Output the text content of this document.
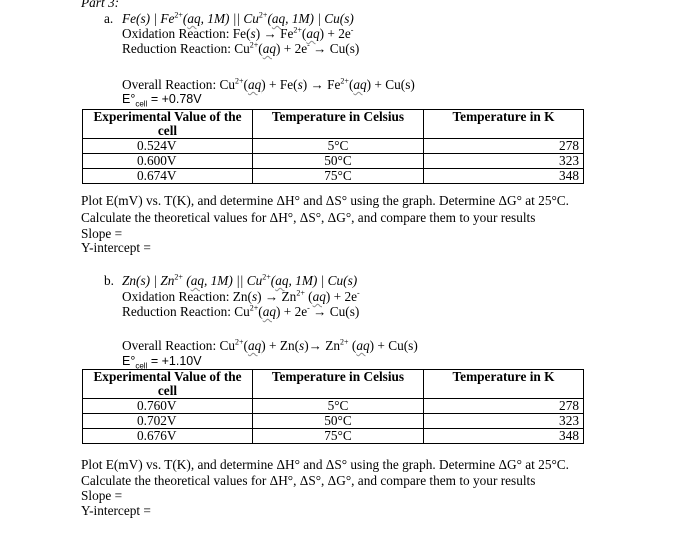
Part 3:
a. Fe(s) | $Fe^{2+}(aq$, 1M) || $Cu^{2+}(aq$, 1M) | Cu(s)
Oxidation Reaction: $Fe(s) \to Fe^{2+}(aq) + 2e^-$
Reduction Reaction: $Cu^{2+}(aq) + 2e^- \to Cu(s)$
Overall Reaction: $Cu^{2+}(aq) + Fe(s) \to Fe^{2+}(aq) + Cu(s)$
$E^\circ_{cell} = +0.78V$
Experimental Value of the cell	Temperature in Celsius	Temperature in K
0.524V	5°C	278
0.600V	50°C	323
0.674V	75°C	348
Plot E(mV) vs. T(K), and determine ΔH° and ΔS° using the graph. Determine ΔG° at 25°C.
Calculate the theoretical values for ΔH°, ΔS°, ΔG°, and compare them to your results
Slope =
Y-intercept =
b. Zn(s) | $Zn^{2+}$ (aq, 1M) || $Cu^{2+}(aq$, 1M) | Cu(s)
Oxidation Reaction: $Zn(s) \to Zn^{2+}$ (aq) + 2e-
Reduction Reaction: $Cu^{2+}(aq) + 2e^- \to Cu(s)$
Overall Reaction: $Cu^{2+}(aq) + Zn(s)\to Zn^{2+}$ (aq) + Cu(s)
$E^\circ_{cell} = +1.10V$
Experimental Value of the cell	Temperature in Celsius	Temperature in K
0.760V	5°C	278
0.702V	50°C	323
0.676V	75°C	348
Plot E(mV) vs. T(K), and determine ΔH° and ΔS° using the graph. Determine ΔG° at 25°C.
Calculate the theoretical values for ΔH°, ΔS°, ΔG°, and compare them to your results
Slope =
Y-intercept =
